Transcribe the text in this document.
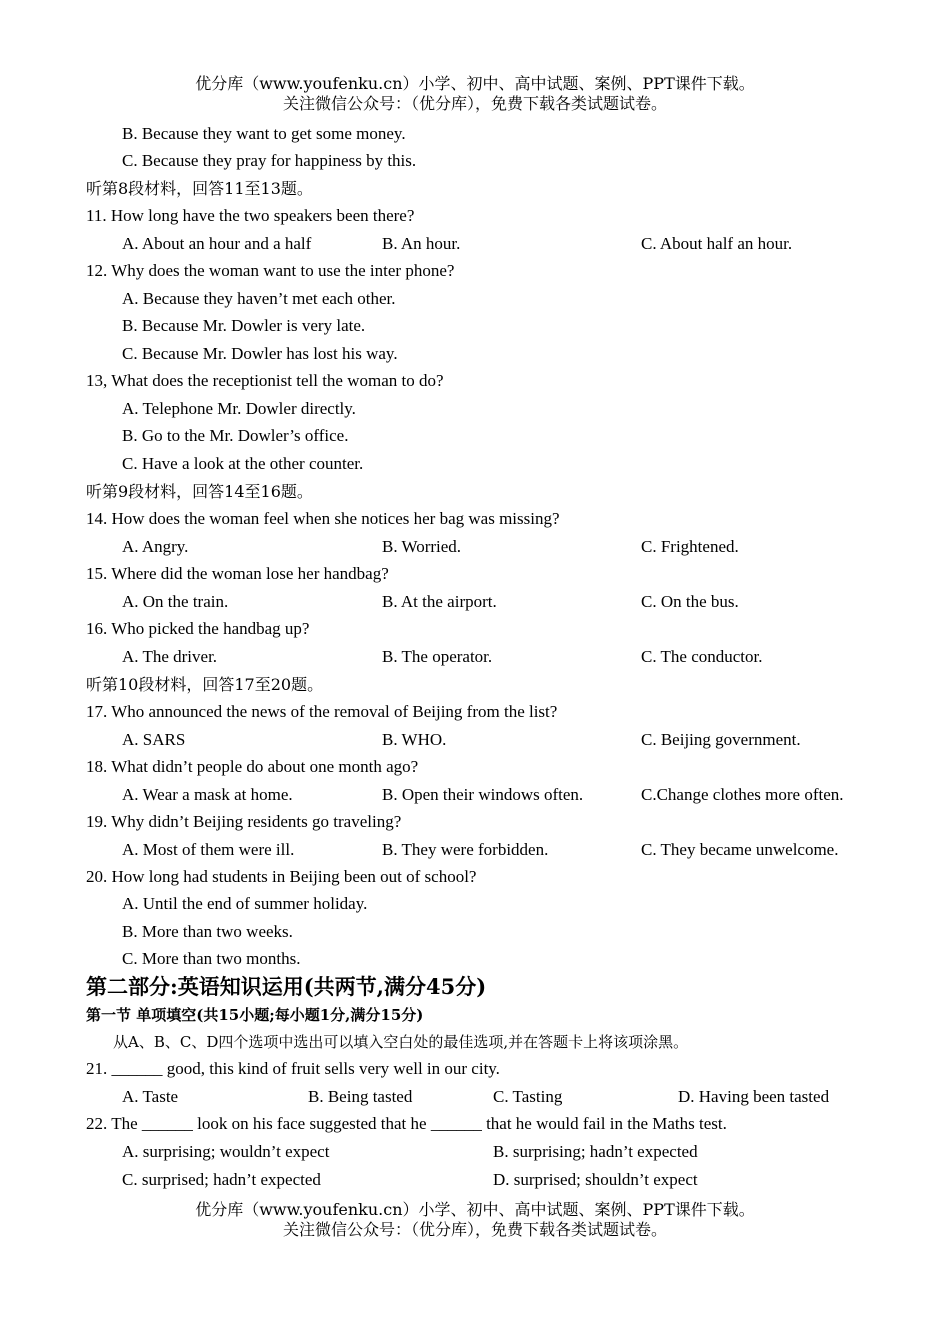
优分库（www.youfenku.cn）小学、初中、高中试题、案例、PPT课件下载。
关注微信公众号：（优分库），免费下载各类试题试卷。
B. Because they want to get some money.
C. Because they pray for happiness by this.
听第8段材料，回答11至13题。
11. How long have the two speakers been there?
A. About an hour and a half	B. An hour.	C. About half an hour.
12. Why does the woman want to use the inter phone?
A. Because they haven’t met each other.
B. Because Mr. Dowler is very late.
C. Because Mr. Dowler has lost his way.
13, What does the receptionist tell the woman to do?
A. Telephone Mr. Dowler directly.
B. Go to the Mr. Dowler’s office.
C. Have a look at the other counter.
听第9段材料，回答14至16题。
14. How does the woman feel when she notices her bag was missing?
A. Angry.	B. Worried.	C. Frightened.
15. Where did the woman lose her handbag?
A. On the train.	B. At the airport.	C. On the bus.
16. Who picked the handbag up?
A. The driver.	B. The operator.	C. The conductor.
听第10段材料，回答17至20题。
17. Who announced the news of the removal of Beijing from the list?
A. SARS	B. WHO.	C. Beijing government.
18. What didn’t people do about one month ago?
A. Wear a mask at home.	B. Open their windows often.	C.Change clothes more often.
19. Why didn’t Beijing residents go traveling?
A. Most of them were ill.	B. They were forbidden.	C. They became unwelcome.
20. How long had students in Beijing been out of school?
A. Until the end of summer holiday.
B. More than two weeks.
C. More than two months.
第二部分:英语知识运用(共两节,满分45分)
第一节 单项填空(共15小题;每小题1分,满分15分)
从A、B、C、D四个选项中选出可以填入空白处的最佳选项,并在答题卡上将该项涂黑。
21. ______ good, this kind of fruit sells very well in our city.
A. Taste	B. Being tasted	C. Tasting	D. Having been tasted
22. The ______ look on his face suggested that he ______ that he would fail in the Maths test.
A. surprising; wouldn’t expect	B. surprising; hadn’t expected
C. surprised; hadn’t expected	D. surprised; shouldn’t expect
优分库（www.youfenku.cn）小学、初中、高中试题、案例、PPT课件下载。
关注微信公众号：（优分库），免费下载各类试题试卷。
